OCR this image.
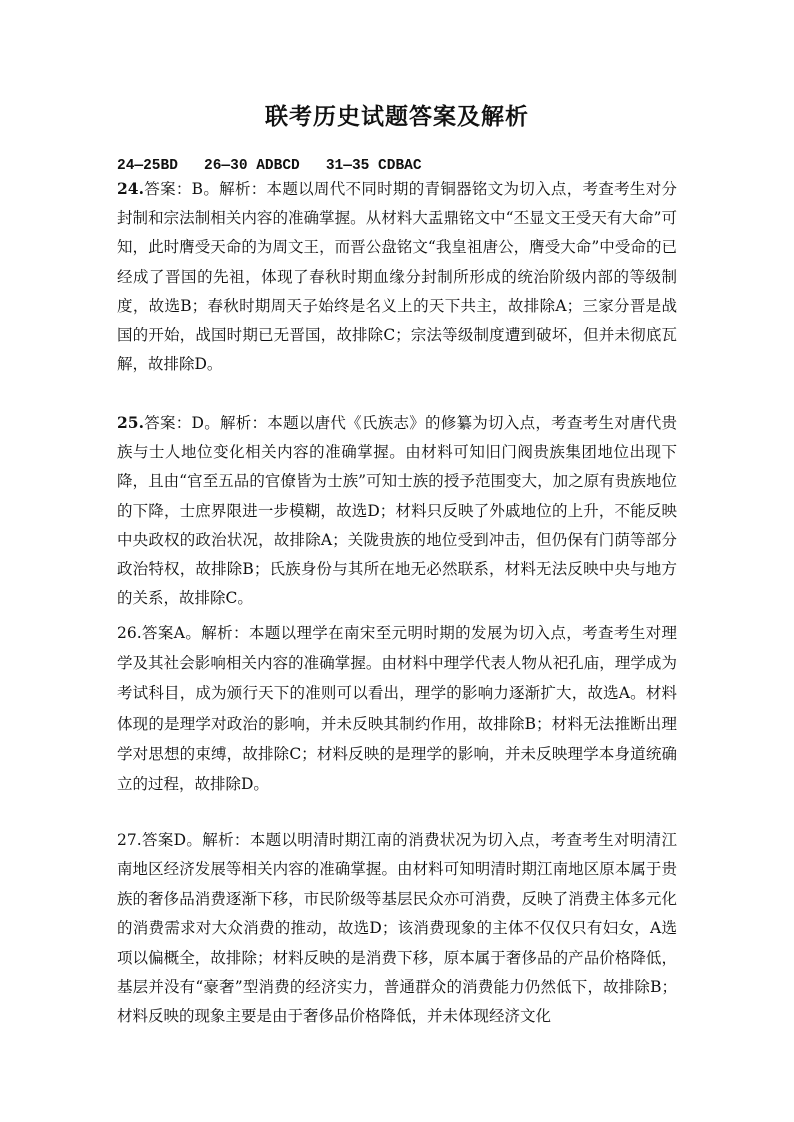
联考历史试题答案及解析
24—25BD   26—30 ADBCD   31—35 CDBAC
24.答案：B。解析：本题以周代不同时期的青铜器铭文为切入点，考查考生对分封制和宗法制相关内容的准确掌握。从材料大盂鼎铭文中“丕显文王受天有大命”可知，此时膺受天命的为周文王，而晋公盘铭文“我皇祖唐公，膺受大命”中受命的已经成了晋国的先祖，体现了春秋时期血缘分封制所形成的统治阶级内部的等级制度，故选B；春秋时期周天子始终是名义上的天下共主，故排除A；三家分晋是战国的开始，战国时期已无晋国，故排除C；宗法等级制度遭到破坏，但并未彻底瓦解，故排除D。
25.答案：D。解析：本题以唐代《氏族志》的修纂为切入点，考查考生对唐代贵族与士人地位变化相关内容的准确掌握。由材料可知旧门阀贵族集团地位出现下降，且由“官至五品的官僚皆为士族”可知士族的授予范围变大，加之原有贵族地位的下降，士庶界限进一步模糊，故选D；材料只反映了外戚地位的上升，不能反映中央政权的政治状况，故排除A；关陇贵族的地位受到冲击，但仍保有门荫等部分政治特权，故排除B；氏族身份与其所在地无必然联系，材料无法反映中央与地方的关系，故排除C。
26.答案A。解析：本题以理学在南宋至元明时期的发展为切入点，考查考生对理学及其社会影响相关内容的准确掌握。由材料中理学代表人物从祀孔庙，理学成为考试科目，成为颁行天下的准则可以看出，理学的影响力逐渐扩大，故选A。材料体现的是理学对政治的影响，并未反映其制约作用，故排除B；材料无法推断出理学对思想的束缚，故排除C；材料反映的是理学的影响，并未反映理学本身道统确立的过程，故排除D。
27.答案D。解析：本题以明清时期江南的消费状况为切入点，考查考生对明清江南地区经济发展等相关内容的准确掌握。由材料可知明清时期江南地区原本属于贵族的奢侈品消费逐渐下移，市民阶级等基层民众亦可消费，反映了消费主体多元化的消费需求对大众消费的推动，故选D；该消费现象的主体不仅仅只有妇女，A选项以偏概全，故排除；材料反映的是消费下移，原本属于奢侈品的产品价格降低，基层并没有“豪奢”型消费的经济实力，普通群众的消费能力仍然低下，故排除B；材料反映的现象主要是由于奢侈品价格降低，并未体现经济文化
